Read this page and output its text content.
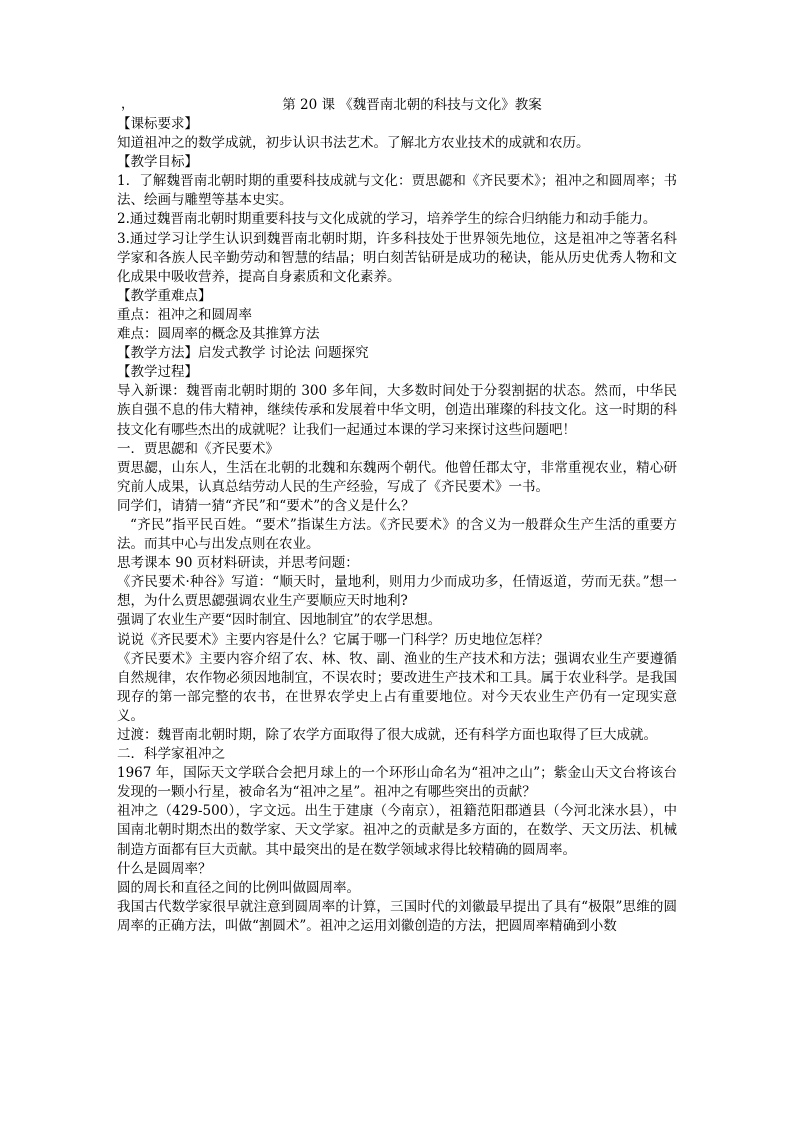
，	第 20 课 《魏晋南北朝的科技与文化》教案
【课标要求】
知道祖冲之的数学成就，初步认识书法艺术。了解北方农业技术的成就和农历。
【教学目标】
1．了解魏晋南北朝时期的重要科技成就与文化：贾思勰和《齐民要术》；祖冲之和圆周率；书法、绘画与雕塑等基本史实。
2.通过魏晋南北朝时期重要科技与文化成就的学习，培养学生的综合归纳能力和动手能力。
3.通过学习让学生认识到魏晋南北朝时期，许多科技处于世界领先地位，这是祖冲之等著名科学家和各族人民辛勤劳动和智慧的结晶；明白刻苦钻研是成功的秘诀，能从历史优秀人物和文化成果中吸收营养，提高自身素质和文化素养。
【教学重难点】
重点：祖冲之和圆周率
难点：圆周率的概念及其推算方法
【教学方法】启发式教学 讨论法 问题探究
【教学过程】
导入新课：魏晋南北朝时期的 300 多年间，大多数时间处于分裂割据的状态。然而，中华民族自强不息的伟大精神，继续传承和发展着中华文明，创造出璀璨的科技文化。这一时期的科技文化有哪些杰出的成就呢？让我们一起通过本课的学习来探讨这些问题吧！
一．贾思勰和《齐民要术》
贾思勰，山东人，生活在北朝的北魏和东魏两个朝代。他曾任郡太守，非常重视农业，精心研究前人成果，认真总结劳动人民的生产经验，写成了《齐民要术》一书。
同学们，请猜一猜“齐民”和“要术”的含义是什么？
“齐民”指平民百姓。“要术”指谋生方法。《齐民要术》的含义为一般群众生产生活的重要方法。而其中心与出发点则在农业。
思考课本 90 页材料研读，并思考问题：
《齐民要术·种谷》写道：“顺天时，量地利，则用力少而成功多，任情返道，劳而无获。”想一想，为什么贾思勰强调农业生产要顺应天时地利?
强调了农业生产要“因时制宜、因地制宜”的农学思想。
说说《齐民要术》主要内容是什么？它属于哪一门科学？历史地位怎样？
《齐民要术》主要内容介绍了农、林、牧、副、渔业的生产技术和方法；强调农业生产要遵循自然规律，农作物必须因地制宜，不误农时；要改进生产技术和工具。属于农业科学。是我国现存的第一部完整的农书，在世界农学史上占有重要地位。对今天农业生产仍有一定现实意义。
过渡：魏晋南北朝时期，除了农学方面取得了很大成就，还有科学方面也取得了巨大成就。
二．科学家祖冲之
1967 年，国际天文学联合会把月球上的一个环形山命名为“祖冲之山”；紫金山天文台将该台发现的一颗小行星，被命名为“祖冲之星”。祖冲之有哪些突出的贡献？
祖冲之（429-500），字文远。出生于建康（今南京），祖籍范阳郡遒县（今河北涞水县），中国南北朝时期杰出的数学家、天文学家。祖冲之的贡献是多方面的，在数学、天文历法、机械制造方面都有巨大贡献。其中最突出的是在数学领域求得比较精确的圆周率。
什么是圆周率？
圆的周长和直径之间的比例叫做圆周率。
我国古代数学家很早就注意到圆周率的计算，三国时代的刘徽最早提出了具有“极限”思维的圆周率的正确方法，叫做“割圆术”。祖冲之运用刘徽创造的方法，把圆周率精确到小数
